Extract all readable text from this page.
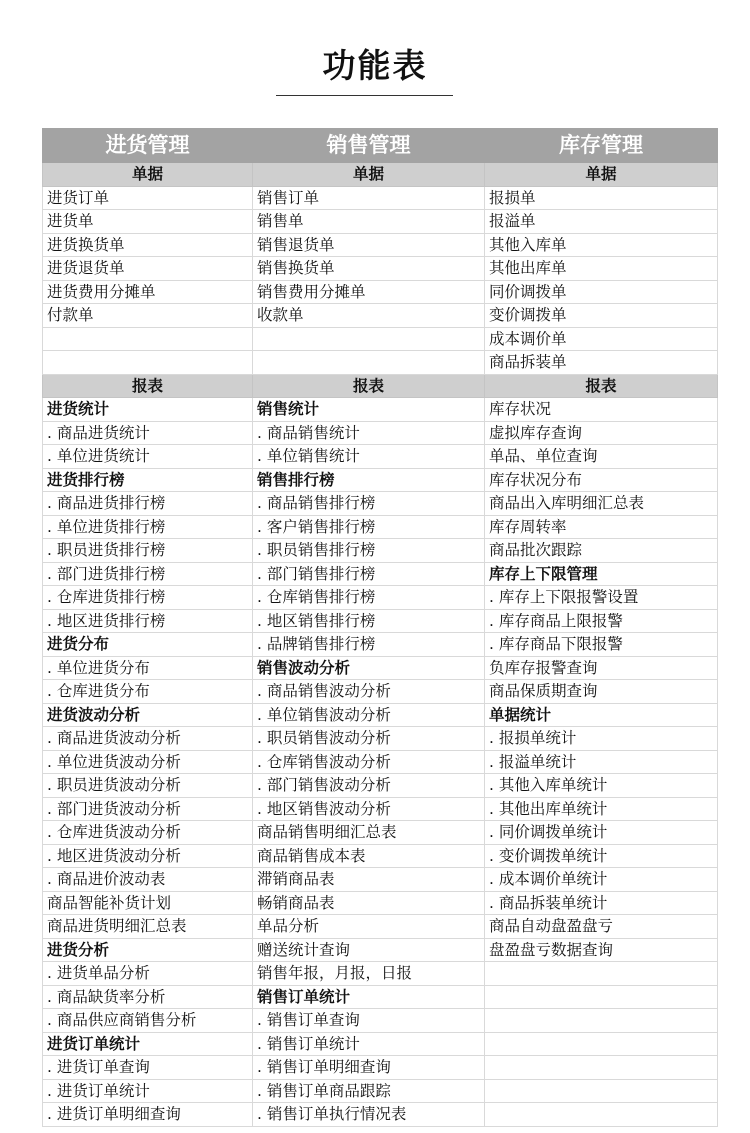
功能表
进货管理	销售管理	库存管理
单据	单据	单据
进货订单	销售订单	报损单
进货单	销售单	报溢单
进货换货单	销售退货单	其他入库单
进货退货单	销售换货单	其他出库单
进货费用分摊单	销售费用分摊单	同价调拨单
付款单	收款单	变价调拨单
		成本调价单
		商品拆装单
报表	报表	报表
进货统计	销售统计	库存状况
. 商品进货统计	. 商品销售统计	虚拟库存查询
. 单位进货统计	. 单位销售统计	单品、单位查询
进货排行榜	销售排行榜	库存状况分布
. 商品进货排行榜	. 商品销售排行榜	商品出入库明细汇总表
. 单位进货排行榜	. 客户销售排行榜	库存周转率
. 职员进货排行榜	. 职员销售排行榜	商品批次跟踪
. 部门进货排行榜	. 部门销售排行榜	库存上下限管理
. 仓库进货排行榜	. 仓库销售排行榜	. 库存上下限报警设置
. 地区进货排行榜	. 地区销售排行榜	. 库存商品上限报警
进货分布	. 品牌销售排行榜	. 库存商品下限报警
. 单位进货分布	销售波动分析	负库存报警查询
. 仓库进货分布	. 商品销售波动分析	商品保质期查询
进货波动分析	. 单位销售波动分析	单据统计
. 商品进货波动分析	. 职员销售波动分析	. 报损单统计
. 单位进货波动分析	. 仓库销售波动分析	. 报溢单统计
. 职员进货波动分析	. 部门销售波动分析	. 其他入库单统计
. 部门进货波动分析	. 地区销售波动分析	. 其他出库单统计
. 仓库进货波动分析	商品销售明细汇总表	. 同价调拨单统计
. 地区进货波动分析	商品销售成本表	. 变价调拨单统计
. 商品进价波动表	滞销商品表	. 成本调价单统计
商品智能补货计划	畅销商品表	. 商品拆装单统计
商品进货明细汇总表	单品分析	商品自动盘盈盘亏
进货分析	赠送统计查询	盘盈盘亏数据查询
. 进货单品分析	销售年报，月报，日报	
. 商品缺货率分析	销售订单统计	
. 商品供应商销售分析	. 销售订单查询	
进货订单统计	. 销售订单统计	
. 进货订单查询	. 销售订单明细查询	
. 进货订单统计	. 销售订单商品跟踪	
. 进货订单明细查询	. 销售订单执行情况表	
